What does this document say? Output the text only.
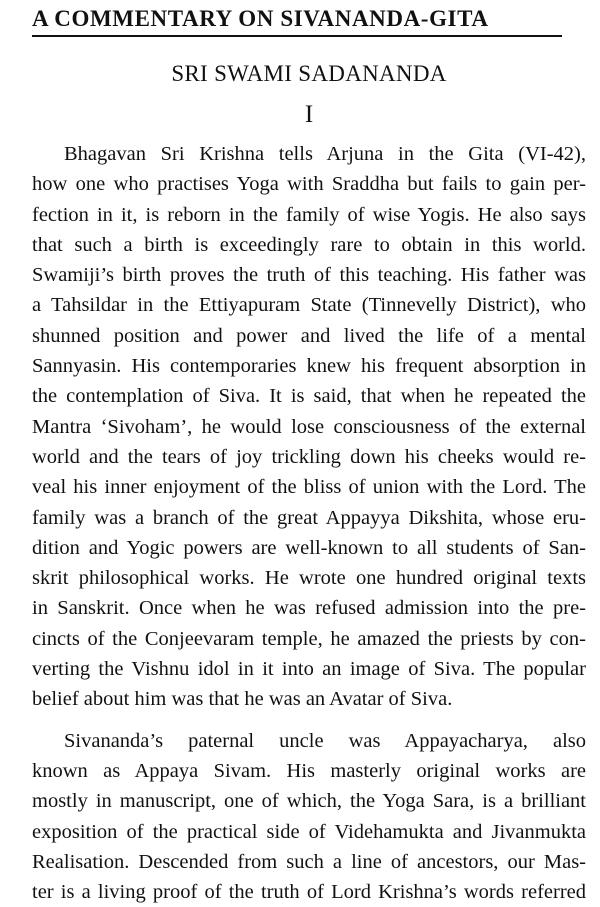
A COMMENTARY ON SIVANANDA-GITA
SRI SWAMI SADANANDA
I
Bhagavan Sri Krishna tells Arjuna in the Gita (VI-42),
how one who practises Yoga with Sraddha but fails to gain per-
fection in it, is reborn in the family of wise Yogis. He also says
that such a birth is exceedingly rare to obtain in this world.
Swamiji’s birth proves the truth of this teaching. His father was
a Tahsildar in the Ettiyapuram State (Tinnevelly District), who
shunned position and power and lived the life of a mental
Sannyasin. His contemporaries knew his frequent absorption in
the contemplation of Siva. It is said, that when he repeated the
Mantra ‘Sivoham’, he would lose consciousness of the external
world and the tears of joy trickling down his cheeks would re-
veal his inner enjoyment of the bliss of union with the Lord. The
family was a branch of the great Appayya Dikshita, whose eru-
dition and Yogic powers are well-known to all students of San-
skrit philosophical works. He wrote one hundred original texts
in Sanskrit. Once when he was refused admission into the pre-
cincts of the Conjeevaram temple, he amazed the priests by con-
verting the Vishnu idol in it into an image of Siva. The popular
belief about him was that he was an Avatar of Siva.
Sivananda’s paternal uncle was Appayacharya, also
known as Appaya Sivam. His masterly original works are
mostly in manuscript, one of which, the Yoga Sara, is a brilliant
exposition of the practical side of Videhamukta and Jivanmukta
Realisation. Descended from such a line of ancestors, our Mas-
ter is a living proof of the truth of Lord Krishna’s words referred
